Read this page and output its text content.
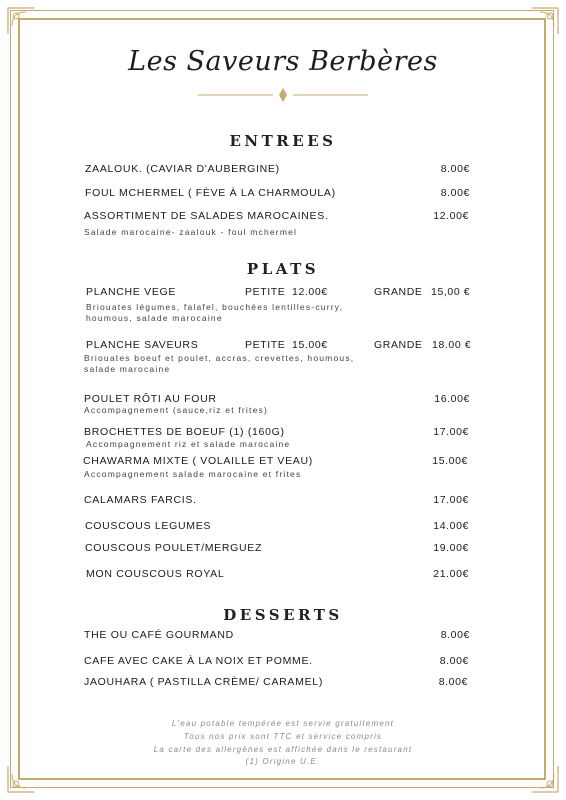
Les Saveurs Berbères
ENTREES
ZAALOUK. (CAVIAR D'AUBERGINE)	8.00€
FOUL MCHERMEL ( FÈVE À LA CHARMOULA)	8.00€
ASSORTIMENT DE SALADES MAROCAINES.	12.00€
Salade marocaine- zaalouk - foul mchermel
PLATS
PLANCHE VEGE	PETITE 12.00€	GRANDE 15,00 €
Briouates légumes, falafel, bouchées lentilles-curry,
houmous, salade marocaine
PLANCHE SAVEURS	PETITE 15.00€	GRANDE 18.00 €
Briouates boeuf et poulet, accras, crevettes, houmous,
salade marocaine
POULET RÔTI AU FOUR	16.00€
Accompagnement (sauce,riz et frites)
BROCHETTES DE BOEUF (1) (160G)	17.00€
Accompagnement riz et salade marocaine
CHAWARMA MIXTE ( VOLAILLE ET VEAU)	15.00€
Accompagnement salade marocaine et frites
CALAMARS FARCIS.	17.00€
COUSCOUS LEGUMES	14.00€
COUSCOUS POULET/MERGUEZ	19.00€
MON COUSCOUS ROYAL	21.00€
DESSERTS
THE OU CAFÉ GOURMAND	8.00€
CAFE AVEC CAKE À LA NOIX ET POMME.	8.00€
JAOUHARA ( PASTILLA CRÈME/ CARAMEL)	8.00€
L'eau potable tempérée est servie gratuitement
Tous nos prix sont TTC et service compris
La carte des allergènes est affichée dans le restaurant
(1) Origine U.E.
